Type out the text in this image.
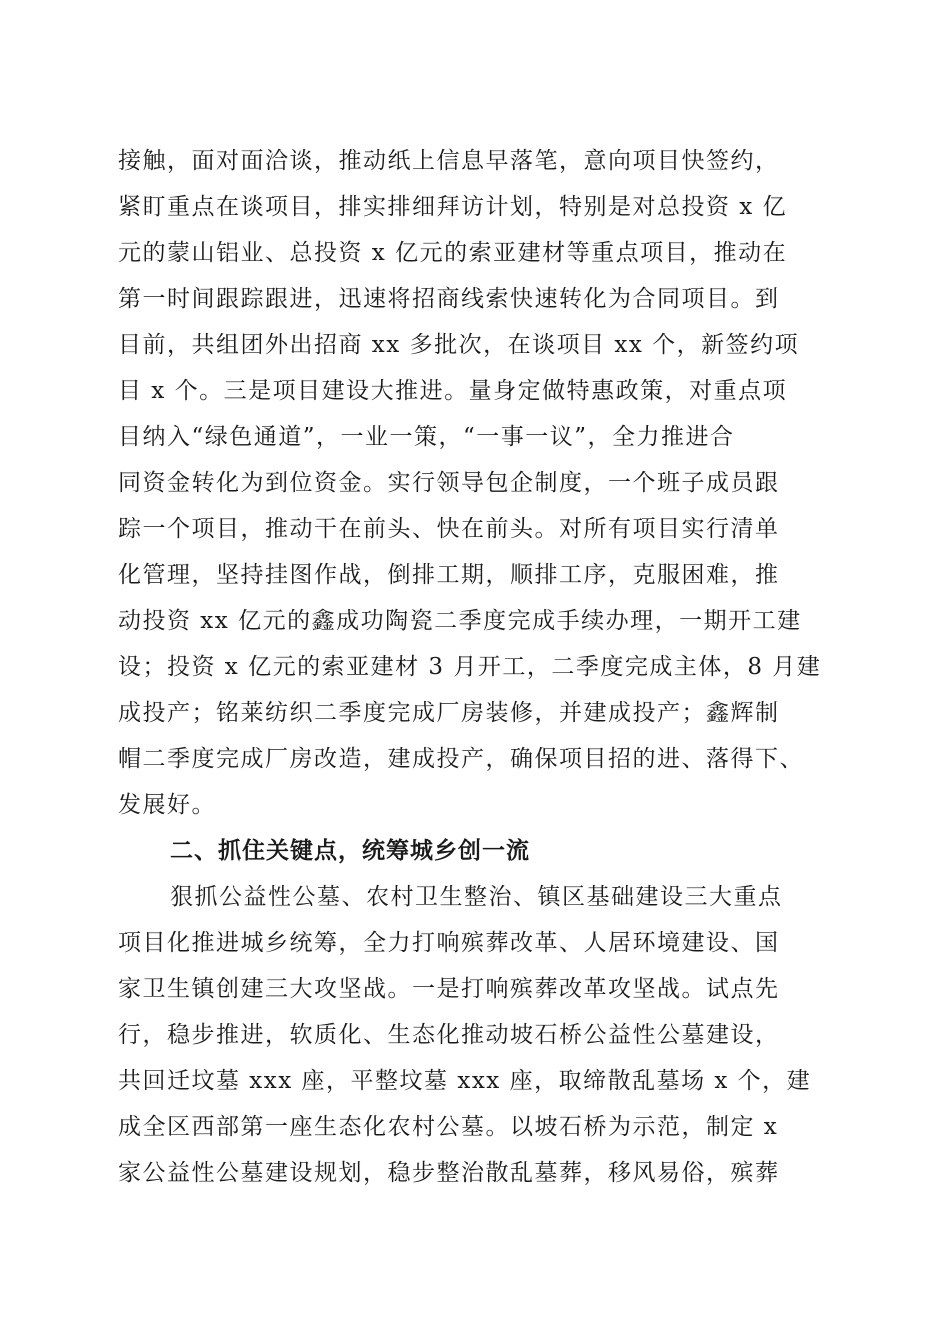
接触，面对面洽谈，推动纸上信息早落笔，意向项目快签约，
紧盯重点在谈项目，排实排细拜访计划，特别是对总投资 x 亿
元的蒙山铝业、总投资 x 亿元的索亚建材等重点项目，推动在
第一时间跟踪跟进，迅速将招商线索快速转化为合同项目。到
目前，共组团外出招商 xx 多批次，在谈项目 xx 个，新签约项
目 x 个。三是项目建设大推进。量身定做特惠政策，对重点项
目纳入“绿色通道”，一业一策，“一事一议”，全力推进合
同资金转化为到位资金。实行领导包企制度，一个班子成员跟
踪一个项目，推动干在前头、快在前头。对所有项目实行清单
化管理，坚持挂图作战，倒排工期，顺排工序，克服困难，推
动投资 xx 亿元的鑫成功陶瓷二季度完成手续办理，一期开工建
设；投资 x 亿元的索亚建材 3 月开工，二季度完成主体，8 月建
成投产；铭莱纺织二季度完成厂房装修，并建成投产；鑫辉制
帽二季度完成厂房改造，建成投产，确保项目招的进、落得下、
发展好。
二、抓住关键点，统筹城乡创一流
狠抓公益性公墓、农村卫生整治、镇区基础建设三大重点
项目化推进城乡统筹，全力打响殡葬改革、人居环境建设、国
家卫生镇创建三大攻坚战。一是打响殡葬改革攻坚战。试点先
行，稳步推进，软质化、生态化推动坡石桥公益性公墓建设，
共回迁坟墓 xxx 座，平整坟墓 xxx 座，取缔散乱墓场 x 个，建
成全区西部第一座生态化农村公墓。以坡石桥为示范，制定 x
家公益性公墓建设规划，稳步整治散乱墓葬，移风易俗，殡葬
